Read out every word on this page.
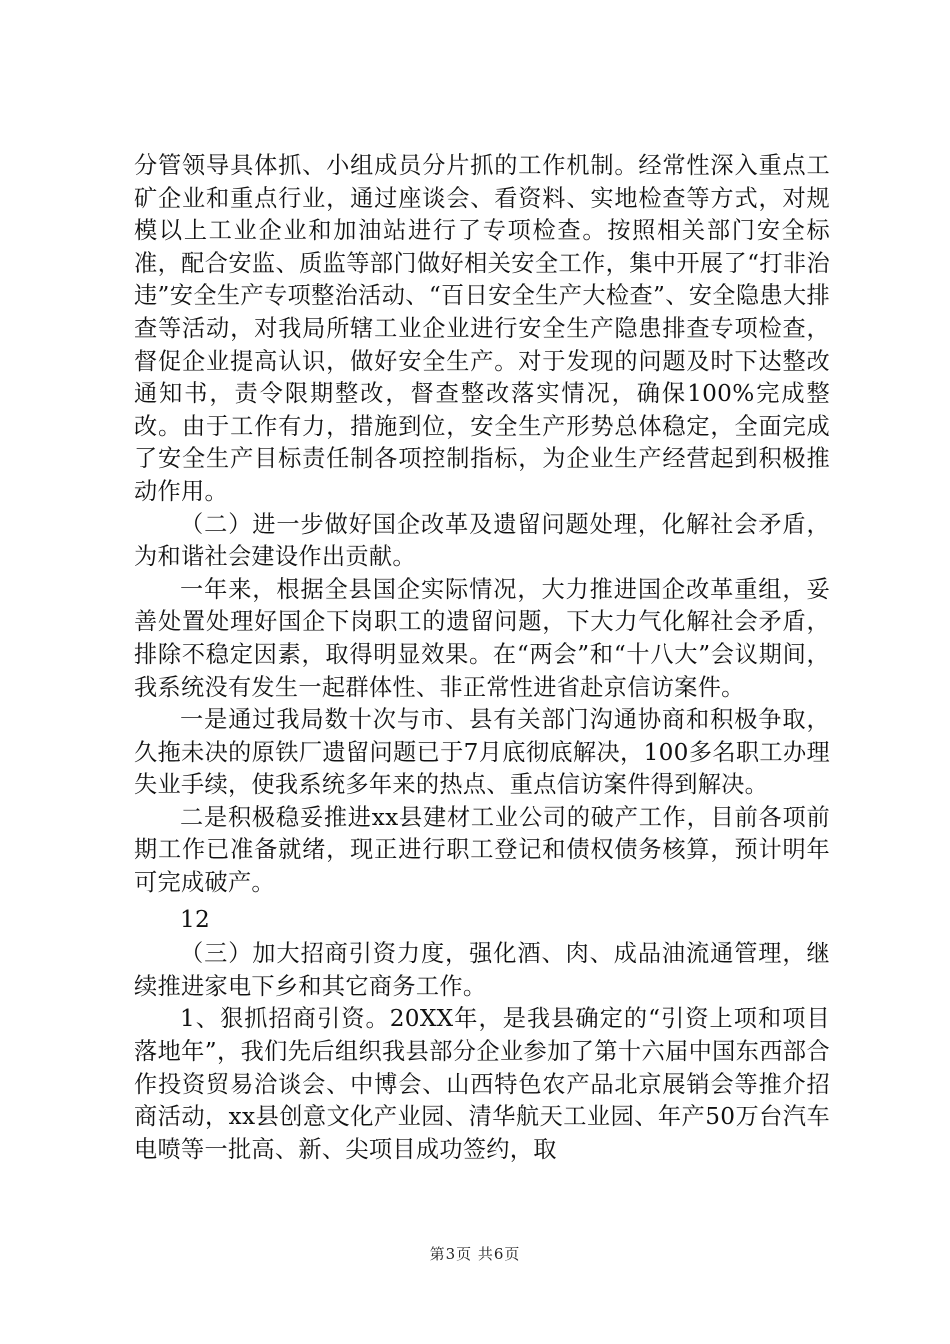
分管领导具体抓、小组成员分片抓的工作机制。经常性深入重点工矿企业和重点行业，通过座谈会、看资料、实地检查等方式，对规模以上工业企业和加油站进行了专项检查。按照相关部门安全标准，配合安监、质监等部门做好相关安全工作，集中开展了“打非治违”安全生产专项整治活动、“百日安全生产大检查”、安全隐患大排查等活动，对我局所辖工业企业进行安全生产隐患排查专项检查，督促企业提高认识，做好安全生产。对于发现的问题及时下达整改通知书，责令限期整改，督查整改落实情况，确保100%完成整改。由于工作有力，措施到位，安全生产形势总体稳定，全面完成了安全生产目标责任制各项控制指标，为企业生产经营起到积极推动作用。

（二）进一步做好国企改革及遗留问题处理，化解社会矛盾，为和谐社会建设作出贡献。

一年来，根据全县国企实际情况，大力推进国企改革重组，妥善处置处理好国企下岗职工的遗留问题，下大力气化解社会矛盾，排除不稳定因素，取得明显效果。在“两会”和“十八大”会议期间，我系统没有发生一起群体性、非正常性进省赴京信访案件。

一是通过我局数十次与市、县有关部门沟通协商和积极争取，久拖未决的原铁厂遗留问题已于7月底彻底解决，100多名职工办理失业手续，使我系统多年来的热点、重点信访案件得到解决。

二是积极稳妥推进xx县建材工业公司的破产工作，目前各项前期工作已准备就绪，现正进行职工登记和债权债务核算，预计明年可完成破产。

12

（三）加大招商引资力度，强化酒、肉、成品油流通管理，继续推进家电下乡和其它商务工作。

1、狠抓招商引资。20XX年，是我县确定的“引资上项和项目落地年”，我们先后组织我县部分企业参加了第十六届中国东西部合作投资贸易洽谈会、中博会、山西特色农产品北京展销会等推介招商活动，xx县创意文化产业园、清华航天工业园、年产50万台汽车电喷等一批高、新、尖项目成功签约，取

第3页 共6页
